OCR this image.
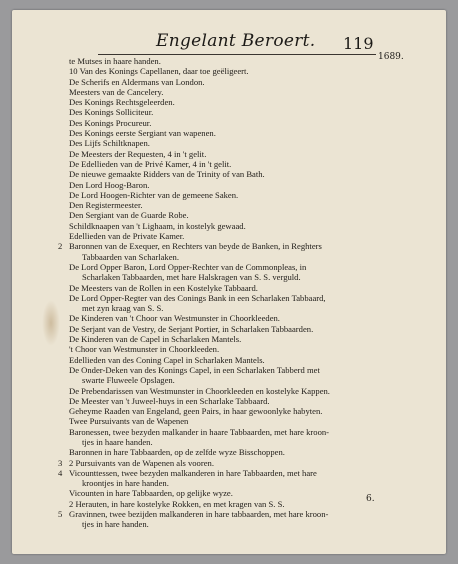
Engelant Beroert. 119
1689.
te Mutses in haare handen.
10 Van des Konings Capellanen, daar toe geëligeert.
De Scherifs en Aldermans van London.
Meesters van de Cancelery.
Des Konings Rechtsgeleerden.
Des Konings Solliciteur.
Des Konings Procureur.
Des Konings eerste Sergiant van wapenen.
Des Lijfs Schiltknapen.
De Meesters der Requesten, 4 in 't gelit.
De Edellieden van de Privé Kamer, 4 in 't gelit.
De nieuwe gemaakte Ridders van de Trinity of van Bath.
Den Lord Hoog-Baron.
De Lord Hoogen-Richter van de gemeene Saken.
Den Registermeester.
Den Sergiant van de Guarde Robe.
Schildknaapen van 't Lighaam, in kostelyk gewaad.
Edellieden van de Private Kamer.
2 Baronnen van de Exequer, en Rechters van beyde de Banken, in Reghters
Tabbaarden van Scharlaken.
De Lord Opper Baron, Lord Opper-Rechter van de Commonpleas, in
Scharlaken Tabbaarden, met hare Halskragen van S. S. verguld.
De Meesters van de Rollen in een Kostelyke Tabbaard.
De Lord Opper-Regter van des Conings Bank in een Scharlaken Tabbaard,
met zyn kraag van S. S.
De Kinderen van 't Choor van Westmunster in Choorkleeden.
De Serjant van de Vestry, de Serjant Portier, in Scharlaken Tabbaarden.
De Kinderen van de Capel in Scharlaken Mantels.
't Choor van Westmunster in Choorkleeden.
Edellieden van des Coning Capel in Scharlaken Mantels.
De Onder-Deken van des Konings Capel, in een Scharlaken Tabberd met
swarte Fluweele Opslagen.
De Prebendarissen van Westmunster in Choorkleeden en kostelyke Kappen.
De Meester van 't Juweel-huys in een Scharlake Tabbaard.
Geheyme Raaden van Engeland, geen Pairs, in haar gewoonlyke habyten.
Twee Pursuivants van de Wapenen
Baronessen, twee bezyden malkander in haare Tabbaarden, met hare kroon-
tjes in haare handen.
Baronnen in hare Tabbaarden, op de zelfde wyze Bisschoppen.
3 2 Pursuivants van de Wapenen als vooren.
4 Vicounttessen, twee bezyden malkanderen in hare Tabbaarden, met hare
kroontjes in hare handen.
Vicounten in hare Tabbaarden, op gelijke wyze.
2 Herauten, in hare kostelyke Rokken, en met kragen van S. S.
5 Gravinnen, twee bezijden malkanderen in hare tabbaarden, met hare kroon-
tjes in hare handen.
6.
